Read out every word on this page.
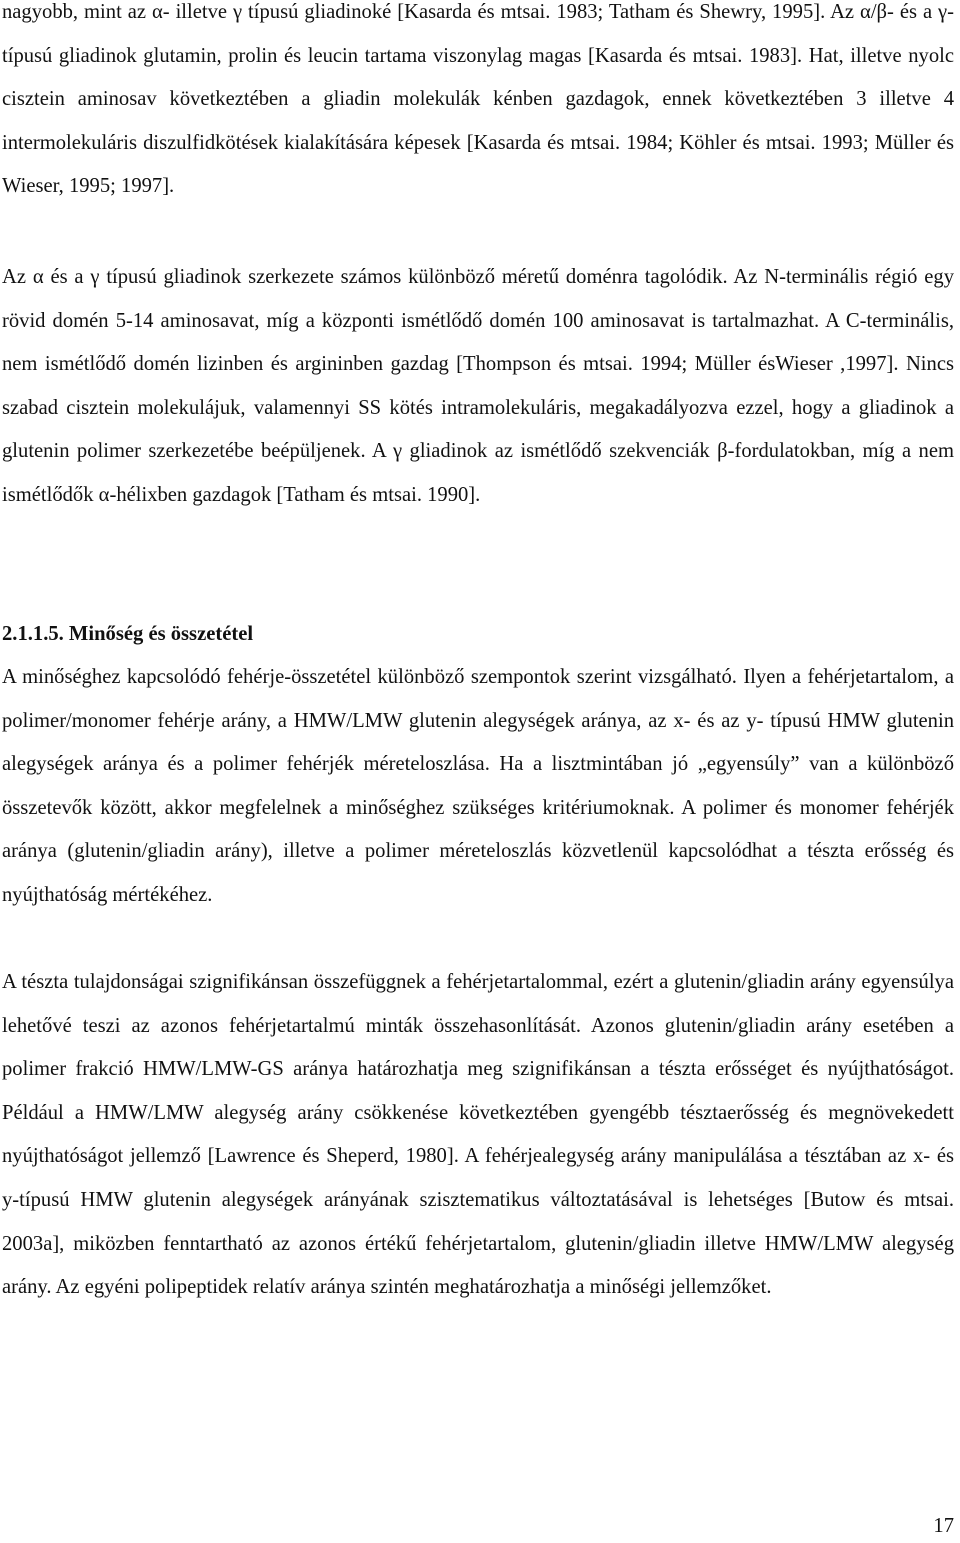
nagyobb, mint az α- illetve γ típusú gliadinoké [Kasarda és mtsai. 1983; Tatham és Shewry, 1995]. Az α/β- és a γ-típusú gliadinok glutamin, prolin és leucin tartama viszonylag magas [Kasarda és mtsai. 1983]. Hat, illetve nyolc cisztein aminosav következtében a gliadin molekulák kénben gazdagok, ennek következtében 3 illetve 4 intermolekuláris diszulfidkötések kialakítására képesek [Kasarda és mtsai. 1984; Köhler és mtsai. 1993; Müller és Wieser, 1995; 1997].

Az α és a γ típusú gliadinok szerkezete számos különböző méretű doménra tagolódik. Az N-terminális régió egy rövid domén 5-14 aminosavat, míg a központi ismétlődő domén 100 aminosavat is tartalmazhat. A C-terminális, nem ismétlődő domén lizinben és argininben gazdag [Thompson és mtsai. 1994; Müller ésWieser ,1997]. Nincs szabad cisztein molekulájuk, valamennyi SS kötés intramolekuláris, megakadályozva ezzel, hogy a gliadinok a glutenin polimer szerkezetébe beépüljenek. A γ gliadinok az ismétlődő szekvenciák β-fordulatokban, míg a nem ismétlődők α-hélixben gazdagok [Tatham és mtsai. 1990].

2.1.1.5. Minőség és összetétel

A minőséghez kapcsolódó fehérje-összetétel különböző szempontok szerint vizsgálható. Ilyen a fehérjetartalom, a polimer/monomer fehérje arány, a HMW/LMW glutenin alegységek aránya, az x- és az y- típusú HMW glutenin alegységek aránya és a polimer fehérjék méreteloszlása. Ha a lisztmintában jó „egyensúly” van a különböző összetevők között, akkor megfelelnek a minőséghez szükséges kritériumoknak. A polimer és monomer fehérjék aránya (glutenin/gliadin arány), illetve a polimer méreteloszlás közvetlenül kapcsolódhat a tészta erősség és nyújthatóság mértékéhez.

A tészta tulajdonságai szignifikánsan összefüggnek a fehérjetartalommal, ezért a glutenin/gliadin arány egyensúlya lehetővé teszi az azonos fehérjetartalmú minták összehasonlítását. Azonos glutenin/gliadin arány esetében a polimer frakció HMW/LMW-GS aránya határozhatja meg szignifikánsan a tészta erősséget és nyújthatóságot. Például a HMW/LMW alegység arány csökkenése következtében gyengébb tésztaerősség és megnövekedett nyújthatóságot jellemző [Lawrence és Sheperd, 1980]. A fehérjealegység arány manipulálása a tésztában az x- és y-típusú HMW glutenin alegységek arányának szisztematikus változtatásával is lehetséges [Butow és mtsai. 2003a], miközben fenntartható az azonos értékű fehérjetartalom, glutenin/gliadin illetve HMW/LMW alegység arány. Az egyéni polipeptidek relatív aránya szintén meghatározhatja a minőségi jellemzőket.

17
